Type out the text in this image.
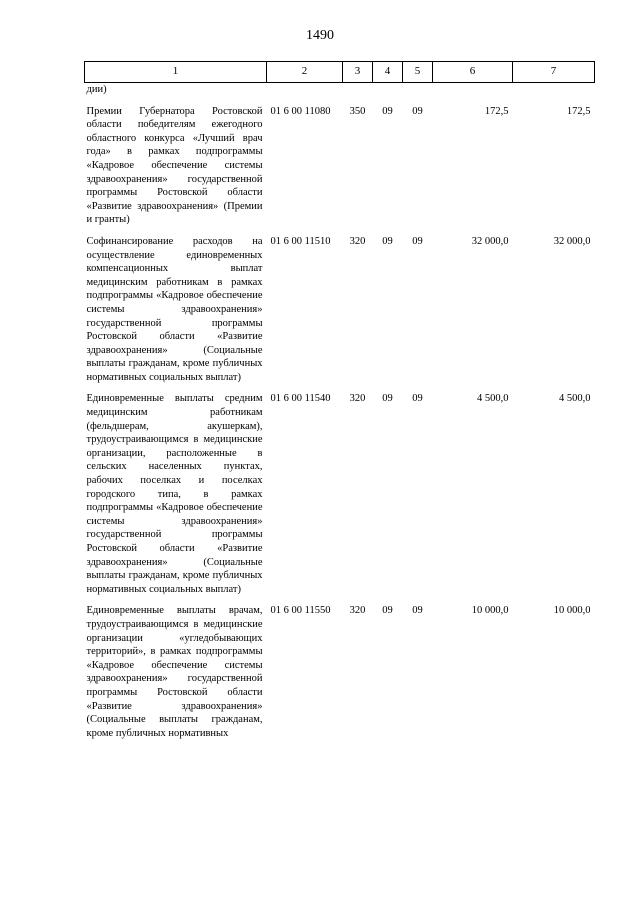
1490
1	2	3	4	5	6	7
дии)						
Премии Губернатора Ростовской области победителям ежегодного областного конкурса «Лучший врач года» в рамках подпрограммы «Кадровое обеспечение системы здравоохранения» государственной программы Ростовской области «Развитие здравоохранения» (Премии и гранты)	01 6 00 11080	350	09	09	172,5	172,5
Софинансирование расходов на осуществление единовременных компенсационных выплат медицинским работникам в рамках подпрограммы «Кадровое обеспечение системы здравоохранения» государственной программы Ростовской области «Развитие здравоохранения» (Социальные выплаты гражданам, кроме публичных нормативных социальных выплат)	01 6 00 11510	320	09	09	32 000,0	32 000,0
Единовременные выплаты средним медицинским работникам (фельдшерам, акушеркам), трудоустраивающимся в медицинские организации, расположенные в сельских населенных пунктах, рабочих поселках и поселках городского типа, в рамках подпрограммы «Кадровое обеспечение системы здравоохранения» государственной программы Ростовской области «Развитие здравоохранения» (Социальные выплаты гражданам, кроме публичных нормативных социальных выплат)	01 6 00 11540	320	09	09	4 500,0	4 500,0
Единовременные выплаты врачам, трудоустраивающимся в медицинские организации «угледобывающих территорий», в рамках подпрограммы «Кадровое обеспечение системы здравоохранения» государственной программы Ростовской области «Развитие здравоохранения» (Социальные выплаты гражданам, кроме публичных нормативных	01 6 00 11550	320	09	09	10 000,0	10 000,0
